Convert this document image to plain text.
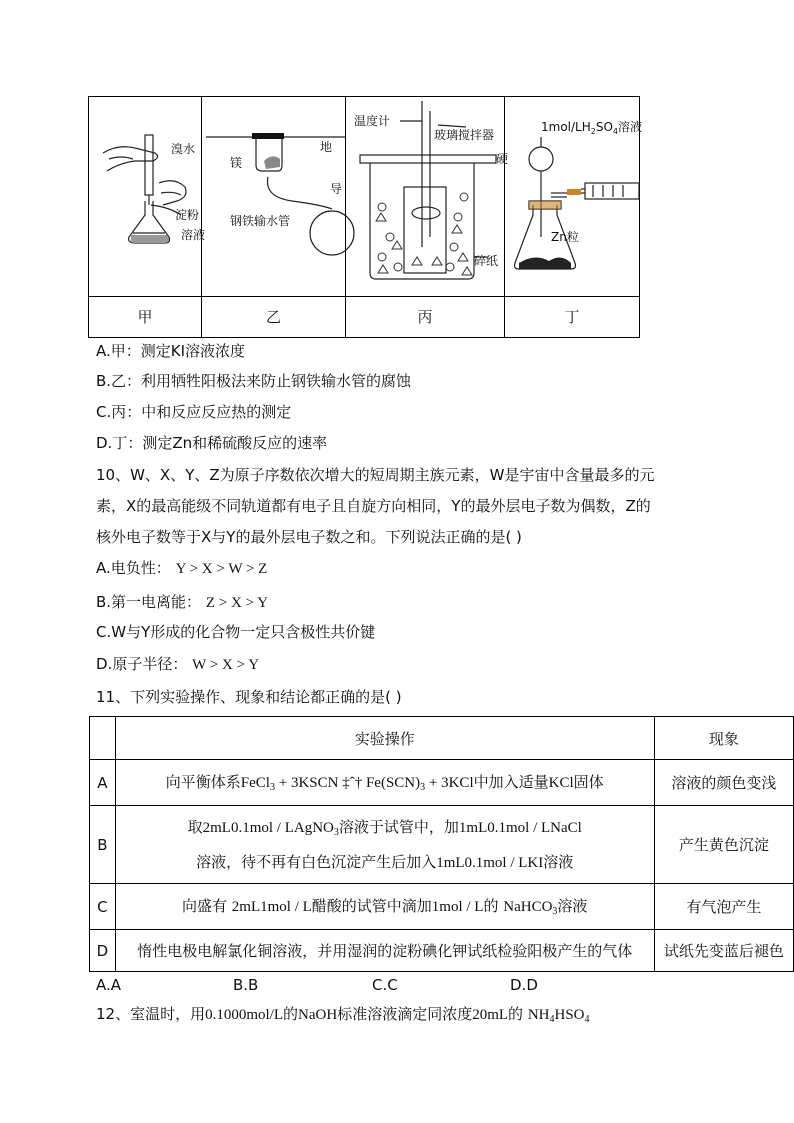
溴水
淀粉
溶液
镁
地
导
钢铁输水管
温度计
玻璃搅拌器
硬
碎纸
$1mol/LH_2SO_4$溶液
Zn粒
甲	乙	丙	丁
A.甲：测定KI溶液浓度
B.乙：利用牺牲阳极法来防止钢铁输水管的腐蚀
C.丙：中和反应反应热的测定
D.丁：测定Zn和稀硫酸反应的速率
10、W、X、Y、Z为原子序数依次增大的短周期主族元素，W是宇宙中含量最多的元
素，X的最高能级不同轨道都有电子且自旋方向相同，Y的最外层电子数为偶数，Z的
核外电子数等于X与Y的最外层电子数之和。下列说法正确的是( )
A.电负性： Y > X > W > Z
B.第一电离能： Z > X > Y
C.W与Y形成的化合物一定只含极性共价键
D.原子半径： W > X > Y
11、下列实验操作、现象和结论都正确的是( )
	实验操作	现象
A	向平衡体系FeCl$_3$ + 3KSCN ‡ˆ† $Fe(SCN)_3 + 3KCl$中加入适量KCl固体	溶液的颜色变浅
B	取2mL0.1mol / LAgNO$_3$溶液于试管中，加1mL0.1mol / LNaCl
溶液，待不再有白色沉淀产生后加入1mL0.1mol / LKI溶液	产生黄色沉淀
C	向盛有 2mL1mol / L醋酸的试管中滴加1mol / L的 NaHCO$_3$溶液	有气泡产生
D	惰性电极电解氯化铜溶液，并用湿润的淀粉碘化钾试纸检验阳极产生的气体	试纸先变蓝后褪色
A.A	B.B	C.C	D.D
12、室温时，用0.1000mol/L的NaOH标准溶液滴定同浓度20mL的 $NH_4HSO_4$
